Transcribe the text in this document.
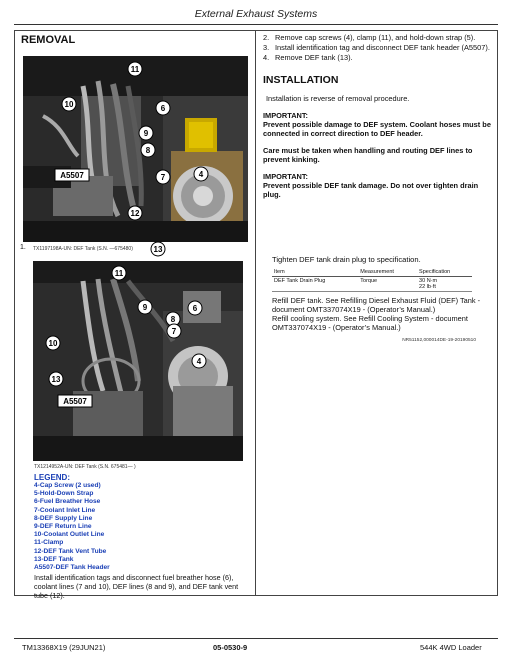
External Exhaust Systems
REMOVAL
11
10	6
9
8
7	4
12
13
A5507
1. TX1197198A-UN: DEF Tank (S.N. —675480)
11
9
8
6
7
10
13
4
A5507
TX1214952A-UN: DEF Tank (S.N. 675481— )
LEGEND:
4-Cap Screw (2 used)
5-Hold-Down Strap
6-Fuel Breather Hose
7-Coolant Inlet Line
8-DEF Supply Line
9-DEF Return Line
10-Coolant Outlet Line
11-Clamp
12-DEF Tank Vent Tube
13-DEF Tank
A5507-DEF Tank Header
Install identification tags and disconnect fuel breather hose (6), coolant lines (7 and 10), DEF lines (8 and 9), and DEF tank vent tube (12).
2. Remove cap screws (4), clamp (11), and hold-down strap (5).
3. Install identification tag and disconnect DEF tank header (A5507).
4. Remove DEF tank (13).
INSTALLATION
Installation is reverse of removal procedure.
IMPORTANT:
Prevent possible damage to DEF system. Coolant hoses must be connected in correct direction to DEF header.
Care must be taken when handling and routing DEF lines to prevent kinking.
IMPORTANT:
Prevent possible DEF tank damage. Do not over tighten drain plug.
Tighten DEF tank drain plug to specification.
Item	Measurement	Specification
DEF Tank Drain Plug	Torque	30 N·m
22 lb·ft
Refill DEF tank. See Refilling Diesel Exhaust Fluid (DEF) Tank - document OMT337074X19 - (Operator’s Manual.)
Refill cooling system. See Refill Cooling System - document OMT337074X19 - (Operator’s Manual.)
NR51152,000014DE-19-20190510
TM13368X19 (29JUN21)	05-0530-9	544K 4WD Loader
